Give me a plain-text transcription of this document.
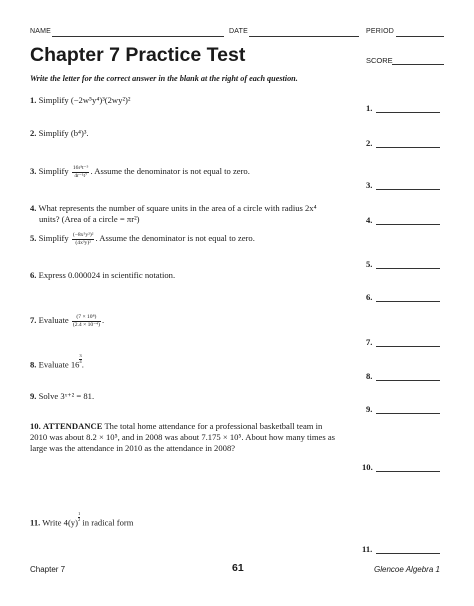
NAME	DATE	PERIOD
Chapter 7 Practice Test	SCORE
Write the letter for the correct answer in the blank at the right of each question.
1. Simplify (−2w⁵y⁴)³(2wy²)²
2. Simplify (b⁴)³.
3. Simplify $\frac{\text{16r³t⁻⁵}}{\text{4r⁻¹t⁷}}$ . Assume the denominator is not equal to zero.
4. What represents the number of square units in the area of a circle with radius 2x⁴
units? (Area of a circle = πr²)
5. Simplify $\frac{\text{(−8x⁵y²)²}}{\text{(4x³y)²}}$ . Assume the denominator is not equal to zero.
6. Express 0.000024 in scientific notation.
7. Evaluate $\frac{\text{(7 × 10⁸)}}{\text{(2.4 × 10⁻⁴)}}$ .
8. Evaluate 16
$\frac{3}{4}$
.
9. Solve 3ˣ⁺² = 81.
10. ATTENDANCE The total home attendance for a professional basketball team in
2010 was about 8.2 × 10⁵, and in 2008 was about 7.175 × 10⁵. About how many times as
large was the attendance in 2010 as the attendance in 2008?
11. Write 4(y)
$\frac{1}{2}$
in radical form
1.
2.
3.
4.
5.
6.
7.
8.
9.
10.
11.
Chapter 7	61	Glencoe Algebra 1
